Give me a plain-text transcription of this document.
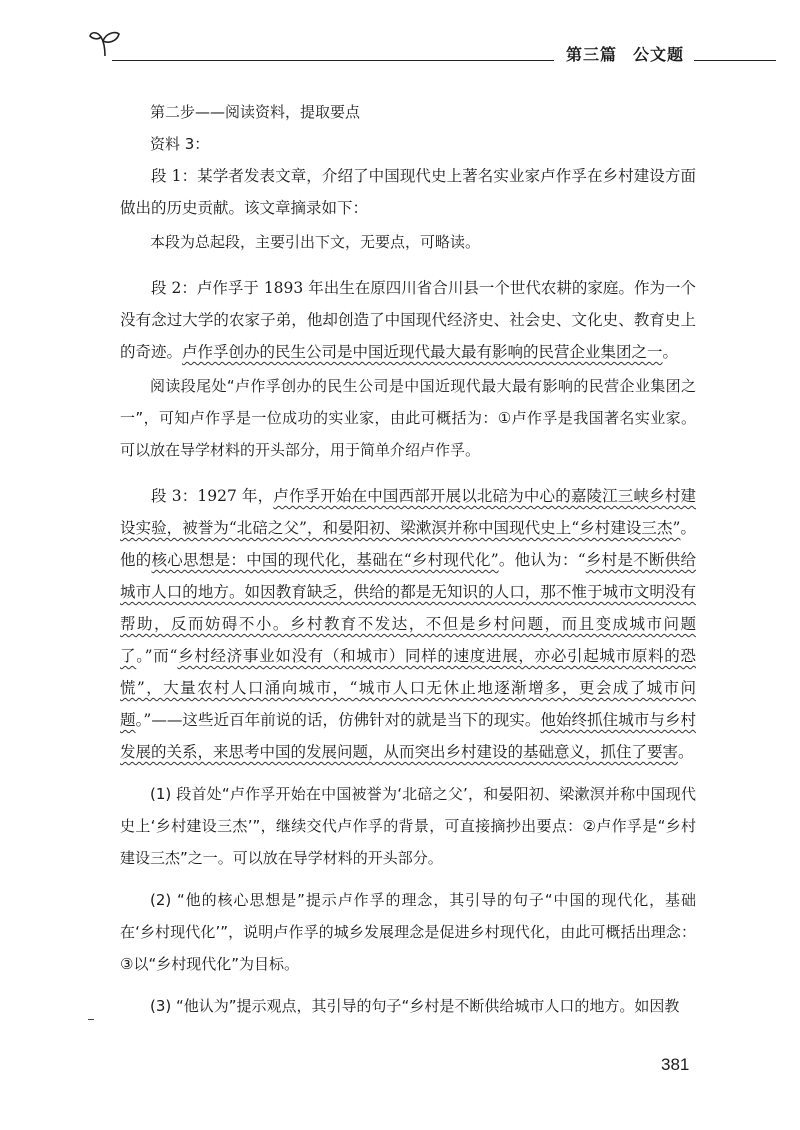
第三篇 公文题

第二步——阅读资料，提取要点

资料 3：

段 1：某学者发表文章，介绍了中国现代史上著名实业家卢作孚在乡村建设方面做出的历史贡献。该文章摘录如下：

本段为总起段，主要引出下文，无要点，可略读。

段 2：卢作孚于 1893 年出生在原四川省合川县一个世代农耕的家庭。作为一个没有念过大学的农家子弟，他却创造了中国现代经济史、社会史、文化史、教育史上的奇迹。卢作孚创办的民生公司是中国近现代最大最有影响的民营企业集团之一。

阅读段尾处“卢作孚创办的民生公司是中国近现代最大最有影响的民营企业集团之一”，可知卢作孚是一位成功的实业家，由此可概括为：①卢作孚是我国著名实业家。可以放在导学材料的开头部分，用于简单介绍卢作孚。

段 3：1927 年，卢作孚开始在中国西部开展以北碚为中心的嘉陵江三峡乡村建设实验，被誉为“北碚之父”，和晏阳初、梁漱溟并称中国现代史上“乡村建设三杰”。他的核心思想是：中国的现代化，基础在“乡村现代化”。他认为：“乡村是不断供给城市人口的地方。如因教育缺乏，供给的都是无知识的人口，那不惟于城市文明没有帮助，反而妨碍不小。乡村教育不发达，不但是乡村问题，而且变成城市问题了。”而“乡村经济事业如没有（和城市）同样的速度进展，亦必引起城市原料的恐慌”，大量农村人口涌向城市，“城市人口无休止地逐渐增多，更会成了城市问题。”——这些近百年前说的话，仿佛针对的就是当下的现实。他始终抓住城市与乡村发展的关系，来思考中国的发展问题，从而突出乡村建设的基础意义，抓住了要害。

(1) 段首处“卢作孚开始在中国被誉为‘北碚之父’，和晏阳初、梁漱溟并称中国现代史上‘乡村建设三杰’”，继续交代卢作孚的背景，可直接摘抄出要点：②卢作孚是“乡村建设三杰”之一。可以放在导学材料的开头部分。

(2) “他的核心思想是”提示卢作孚的理念，其引导的句子“中国的现代化，基础在‘乡村现代化’”，说明卢作孚的城乡发展理念是促进乡村现代化，由此可概括出理念：③以“乡村现代化”为目标。

(3) “他认为”提示观点，其引导的句子“乡村是不断供给城市人口的地方。如因教

381
